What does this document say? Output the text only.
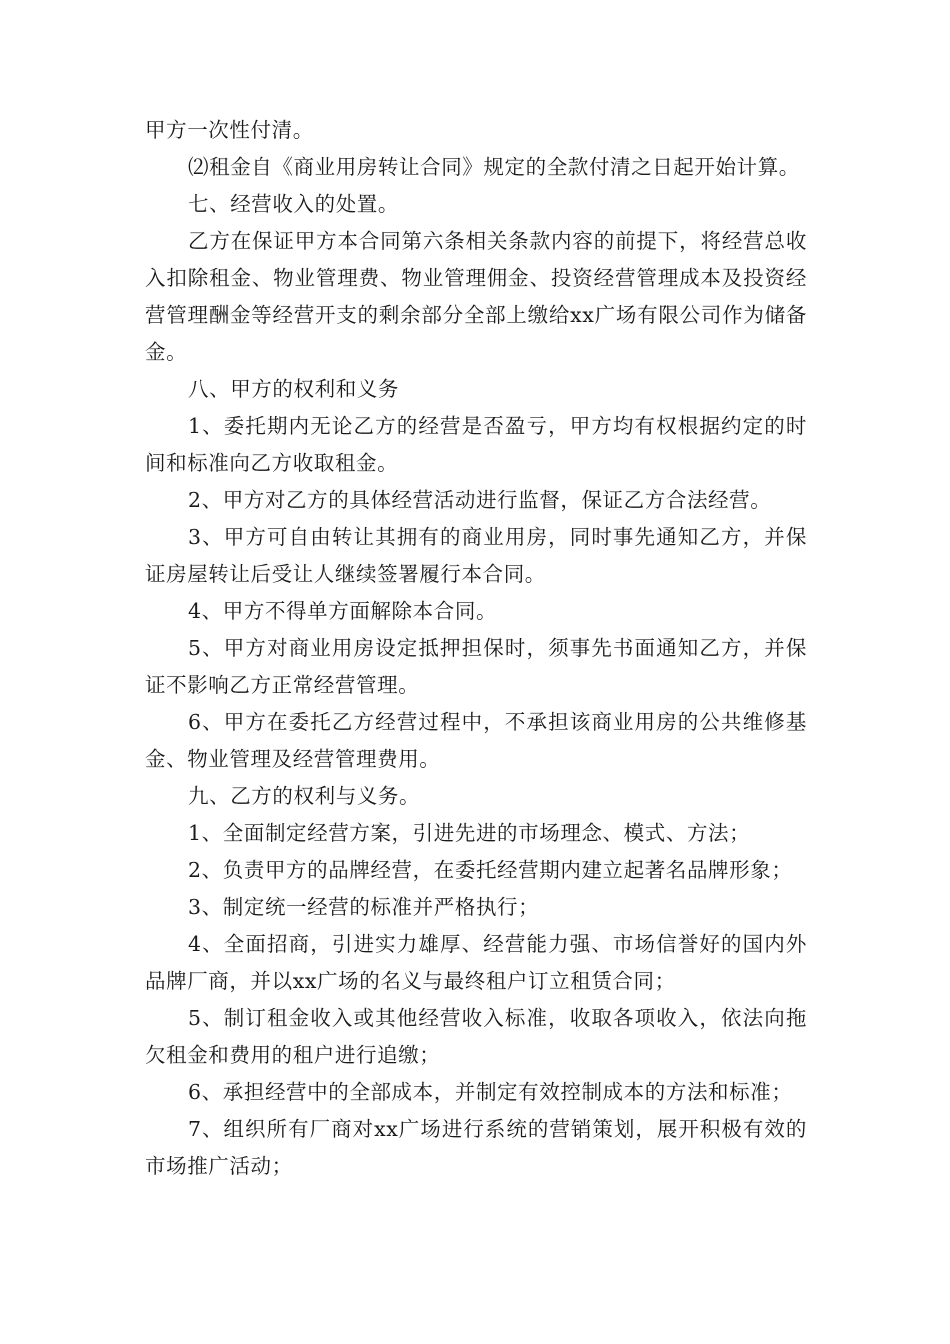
甲方一次性付清。

⑵租金自《商业用房转让合同》规定的全款付清之日起开始计算。

七、经营收入的处置。

乙方在保证甲方本合同第六条相关条款内容的前提下，将经营总收入扣除租金、物业管理费、物业管理佣金、投资经营管理成本及投资经营管理酬金等经营开支的剩余部分全部上缴给xx广场有限公司作为储备金。

八、甲方的权利和义务

1、委托期内无论乙方的经营是否盈亏，甲方均有权根据约定的时间和标准向乙方收取租金。

2、甲方对乙方的具体经营活动进行监督，保证乙方合法经营。

3、甲方可自由转让其拥有的商业用房，同时事先通知乙方，并保证房屋转让后受让人继续签署履行本合同。

4、甲方不得单方面解除本合同。

5、甲方对商业用房设定抵押担保时，须事先书面通知乙方，并保证不影响乙方正常经营管理。

6、甲方在委托乙方经营过程中，不承担该商业用房的公共维修基金、物业管理及经营管理费用。

九、乙方的权利与义务。

1、全面制定经营方案，引进先进的市场理念、模式、方法；

2、负责甲方的品牌经营，在委托经营期内建立起著名品牌形象；

3、制定统一经营的标准并严格执行；

4、全面招商，引进实力雄厚、经营能力强、市场信誉好的国内外品牌厂商，并以xx广场的名义与最终租户订立租赁合同；

5、制订租金收入或其他经营收入标准，收取各项收入，依法向拖欠租金和费用的租户进行追缴；

6、承担经营中的全部成本，并制定有效控制成本的方法和标准；

7、组织所有厂商对xx广场进行系统的营销策划，展开积极有效的市场推广活动；
